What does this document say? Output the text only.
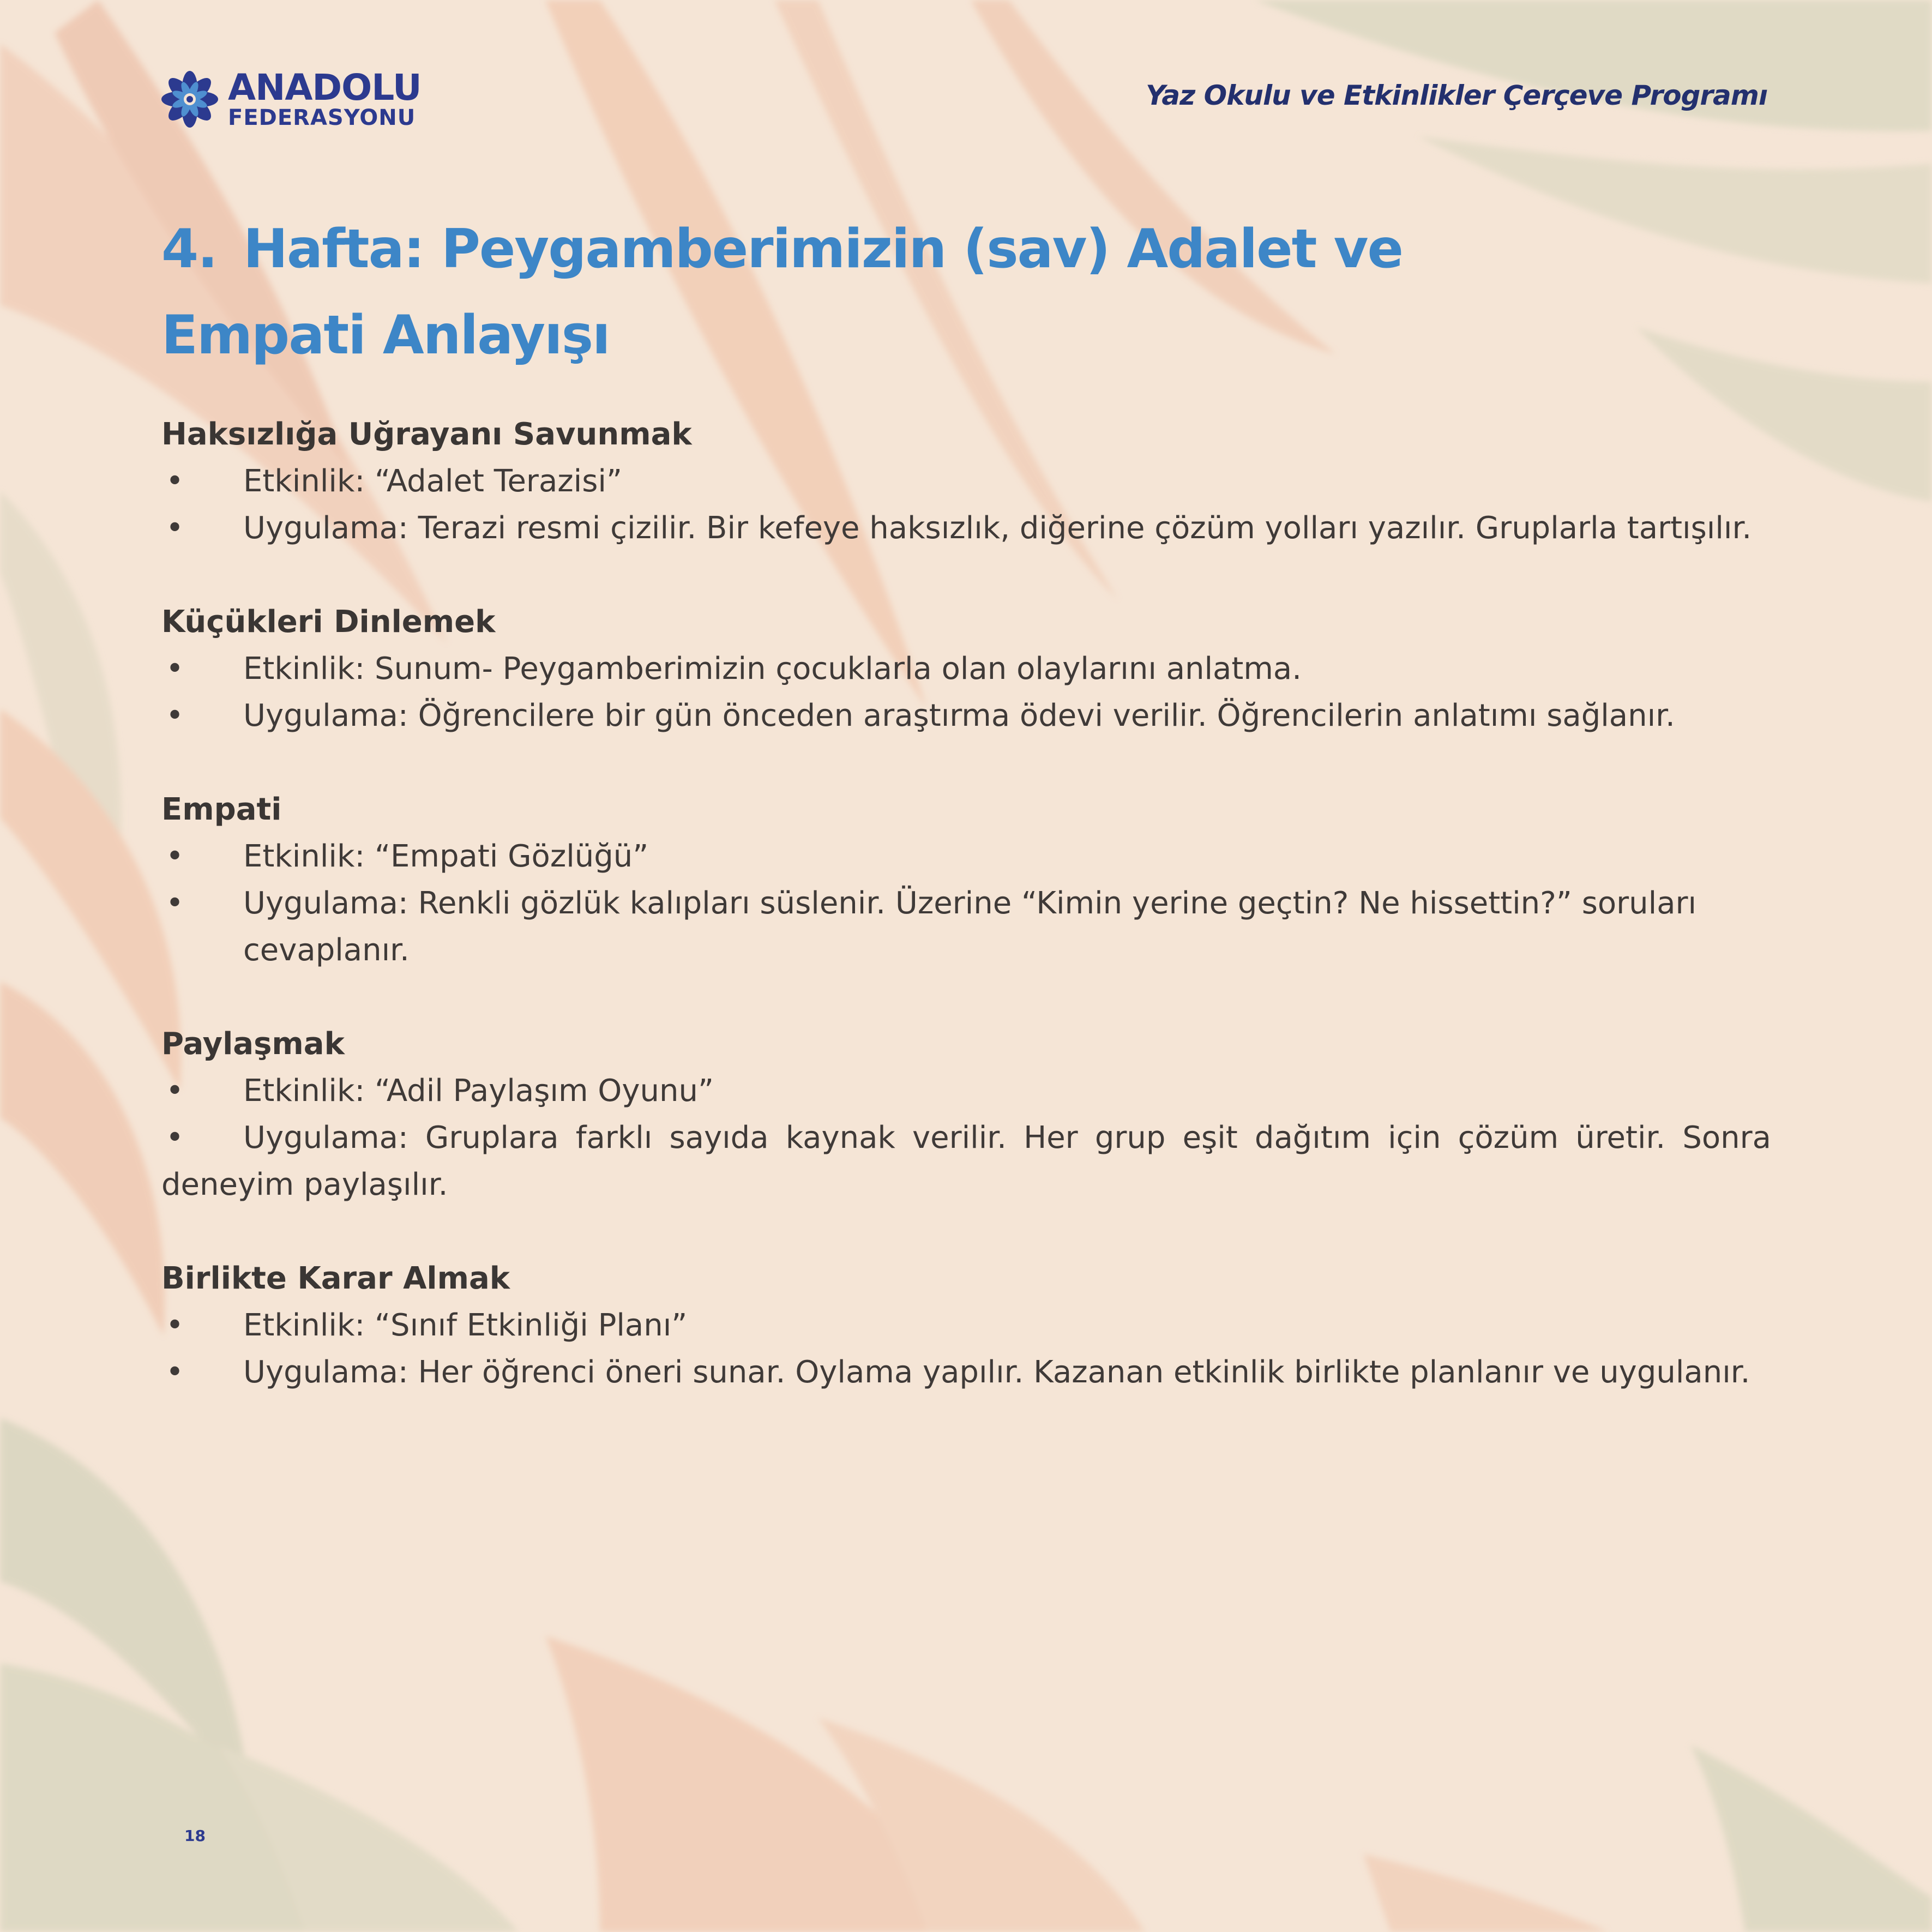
ANADOLU
FEDERASYONU
Yaz Okulu ve Etkinlikler Çerçeve Programı
4. Hafta: Peygamberimizin (sav) Adalet ve
Empati Anlayışı
Haksızlığa Uğrayanı Savunmak
•	Etkinlik: “Adalet Terazisi”
•	Uygulama: Terazi resmi çizilir. Bir kefeye haksızlık, diğerine çözüm yolları yazılır. Gruplarla tartışılır.
Küçükleri Dinlemek
•	Etkinlik: Sunum- Peygamberimizin çocuklarla olan olaylarını anlatma.
•	Uygulama: Öğrencilere bir gün önceden araştırma ödevi verilir. Öğrencilerin anlatımı sağlanır.
Empati
•	Etkinlik: “Empati Gözlüğü”
•	Uygulama: Renkli gözlük kalıpları süslenir. Üzerine “Kimin yerine geçtin? Ne hissettin?” soruları cevaplanır.
Paylaşmak
•	Etkinlik: “Adil Paylaşım Oyunu”
• Uygulama: Gruplara farklı sayıda kaynak verilir. Her grup eşit dağıtım için çözüm üretir. Sonra deneyim paylaşılır.
Birlikte Karar Almak
•	Etkinlik: “Sınıf Etkinliği Planı”
•	Uygulama: Her öğrenci öneri sunar. Oylama yapılır. Kazanan etkinlik birlikte planlanır ve uygulanır.
18
